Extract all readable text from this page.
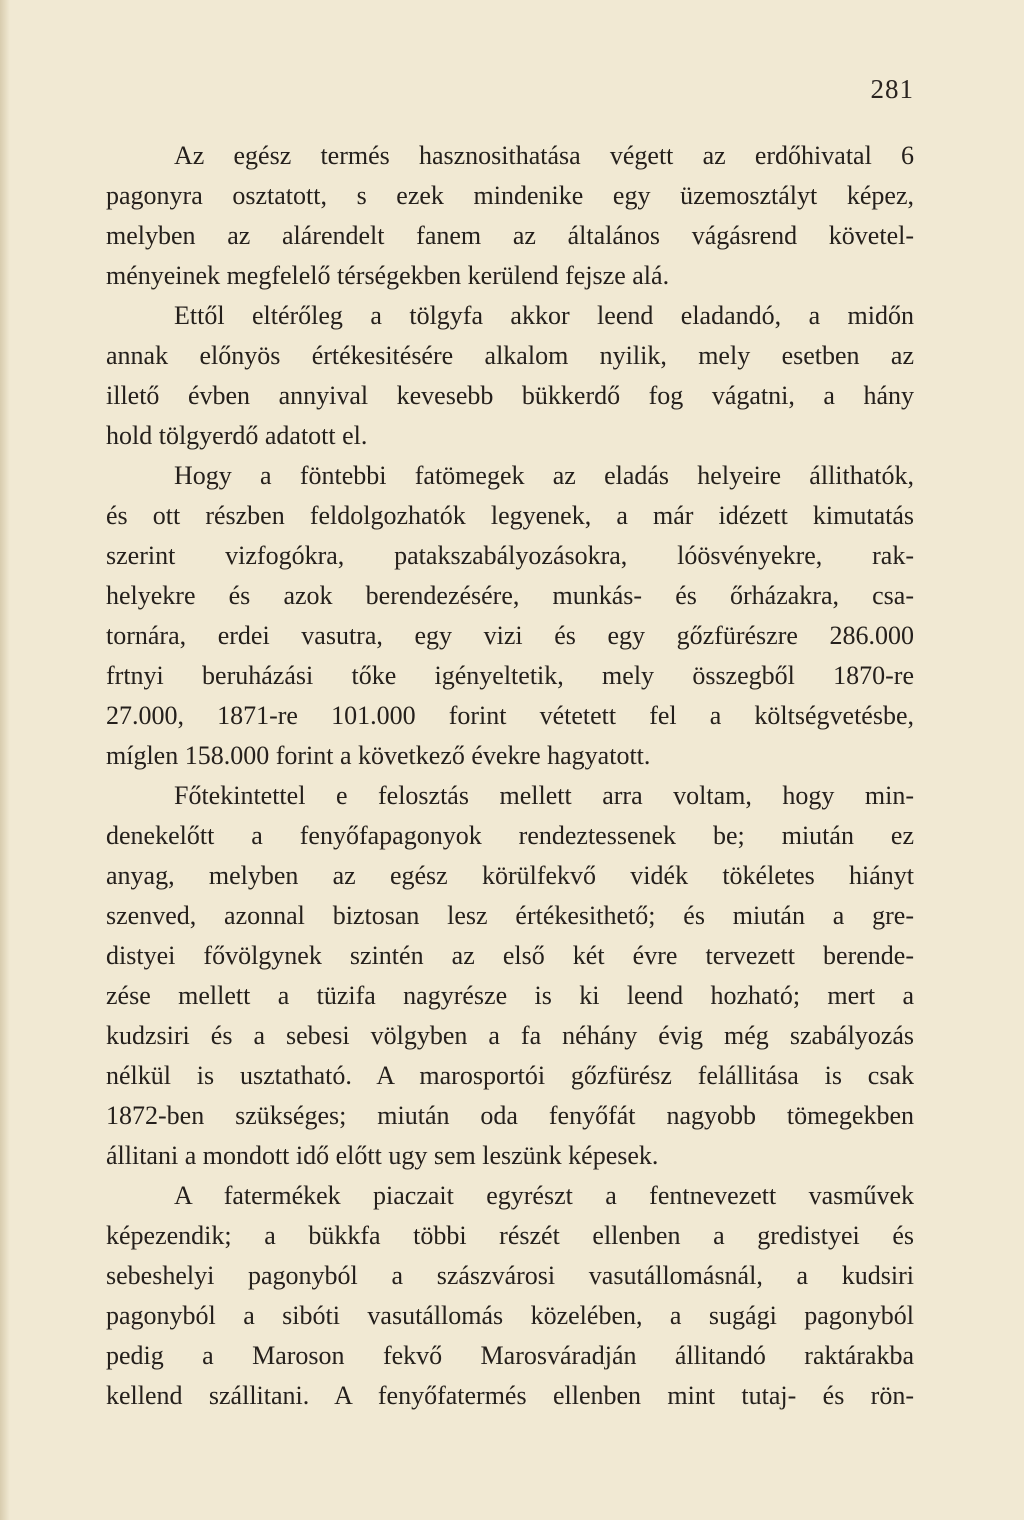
281
Az egész termés hasznosithatása végett az erdőhivatal 6
pagonyra osztatott, s ezek mindenike egy üzemosztályt képez,
melyben az alárendelt fanem az általános vágásrend követel-
ményeinek megfelelő térségekben kerülend fejsze alá.
Ettől eltérőleg a tölgyfa akkor leend eladandó, a midőn
annak előnyös értékesitésére alkalom nyilik, mely esetben az
illető évben annyival kevesebb bükkerdő fog vágatni, a hány
hold tölgyerdő adatott el.
Hogy a föntebbi fatömegek az eladás helyeire állithatók,
és ott részben feldolgozhatók legyenek, a már idézett kimutatás
szerint vizfogókra, patakszabályozásokra, lóösvényekre, rak-
helyekre és azok berendezésére, munkás- és őrházakra, csa-
tornára, erdei vasutra, egy vizi és egy gőzfürészre 286.000
frtnyi beruházási tőke igényeltetik, mely összegből 1870-re
27.000, 1871-re 101.000 forint vétetett fel a költségvetésbe,
míglen 158.000 forint a következő évekre hagyatott.
Főtekintettel e felosztás mellett arra voltam, hogy min-
denekelőtt a fenyőfapagonyok rendeztessenek be; miután ez
anyag, melyben az egész körülfekvő vidék tökéletes hiányt
szenved, azonnal biztosan lesz értékesithető; és miután a gre-
distyei fővölgynek szintén az első két évre tervezett berende-
zése mellett a tüzifa nagyrésze is ki leend hozható; mert a
kudzsiri és a sebesi völgyben a fa néhány évig még szabályozás
nélkül is usztatható. A marosportói gőzfürész felállitása is csak
1872-ben szükséges; miután oda fenyőfát nagyobb tömegekben
állitani a mondott idő előtt ugy sem leszünk képesek.
A fatermékek piaczait egyrészt a fentnevezett vasművek
képezendik; a bükkfa többi részét ellenben a gredistyei és
sebeshelyi pagonyból a szászvárosi vasutállomásnál, a kudsiri
pagonyból a sibóti vasutállomás közelében, a sugági pagonyból
pedig a Maroson fekvő Marosváradján állitandó raktárakba
kellend szállitani. A fenyőfatermés ellenben mint tutaj- és rön-
